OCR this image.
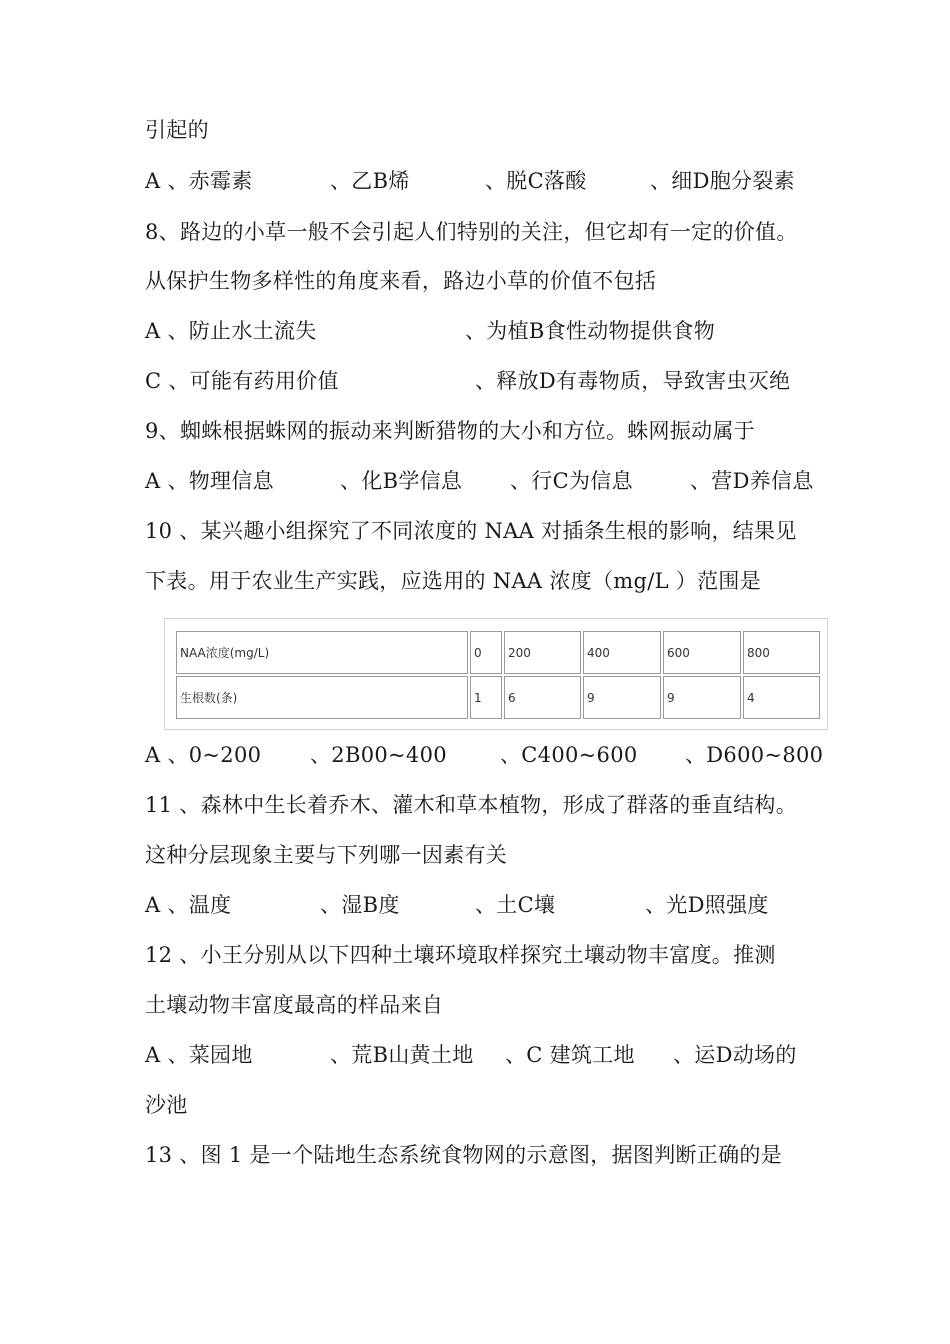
引起的
A 、赤霉素	、乙B烯	、脱C落酸	、细D胞分裂素
8、路边的小草一般不会引起人们特别的关注，但它却有一定的价值。
从保护生物多样性的角度来看，路边小草的价值不包括
A 、防止水土流失	、为植B食性动物提供食物
C 、可能有药用价值	、释放D有毒物质，导致害虫灭绝
9、蜘蛛根据蛛网的振动来判断猎物的大小和方位。蛛网振动属于
A 、物理信息	、化B学信息 、行C为信息	、营D养信息
10 、某兴趣小组探究了不同浓度的 NAA 对插条生根的影响，结果见
下表。用于农业生产实践，应选用的 NAA 浓度（mg/L ）范围是
NAA浓度(mg/L)	0	200	400	600	800
生根数(条)	1	6	9	9	4
A 、0~200 、2B00~400	、C400~600 、D600~800
11 、森林中生长着乔木、灌木和草本植物，形成了群落的垂直结构。
这种分层现象主要与下列哪一因素有关
A 、温度	、湿B度	、土C壤	、光D照强度
12 、小王分别从以下四种土壤环境取样探究土壤动物丰富度。推测
土壤动物丰富度最高的样品来自
A 、菜园地	、荒B山黄土地 、C 建筑工地 、运D动场的
沙池
13 、图 1 是一个陆地生态系统食物网的示意图，据图判断正确的是
